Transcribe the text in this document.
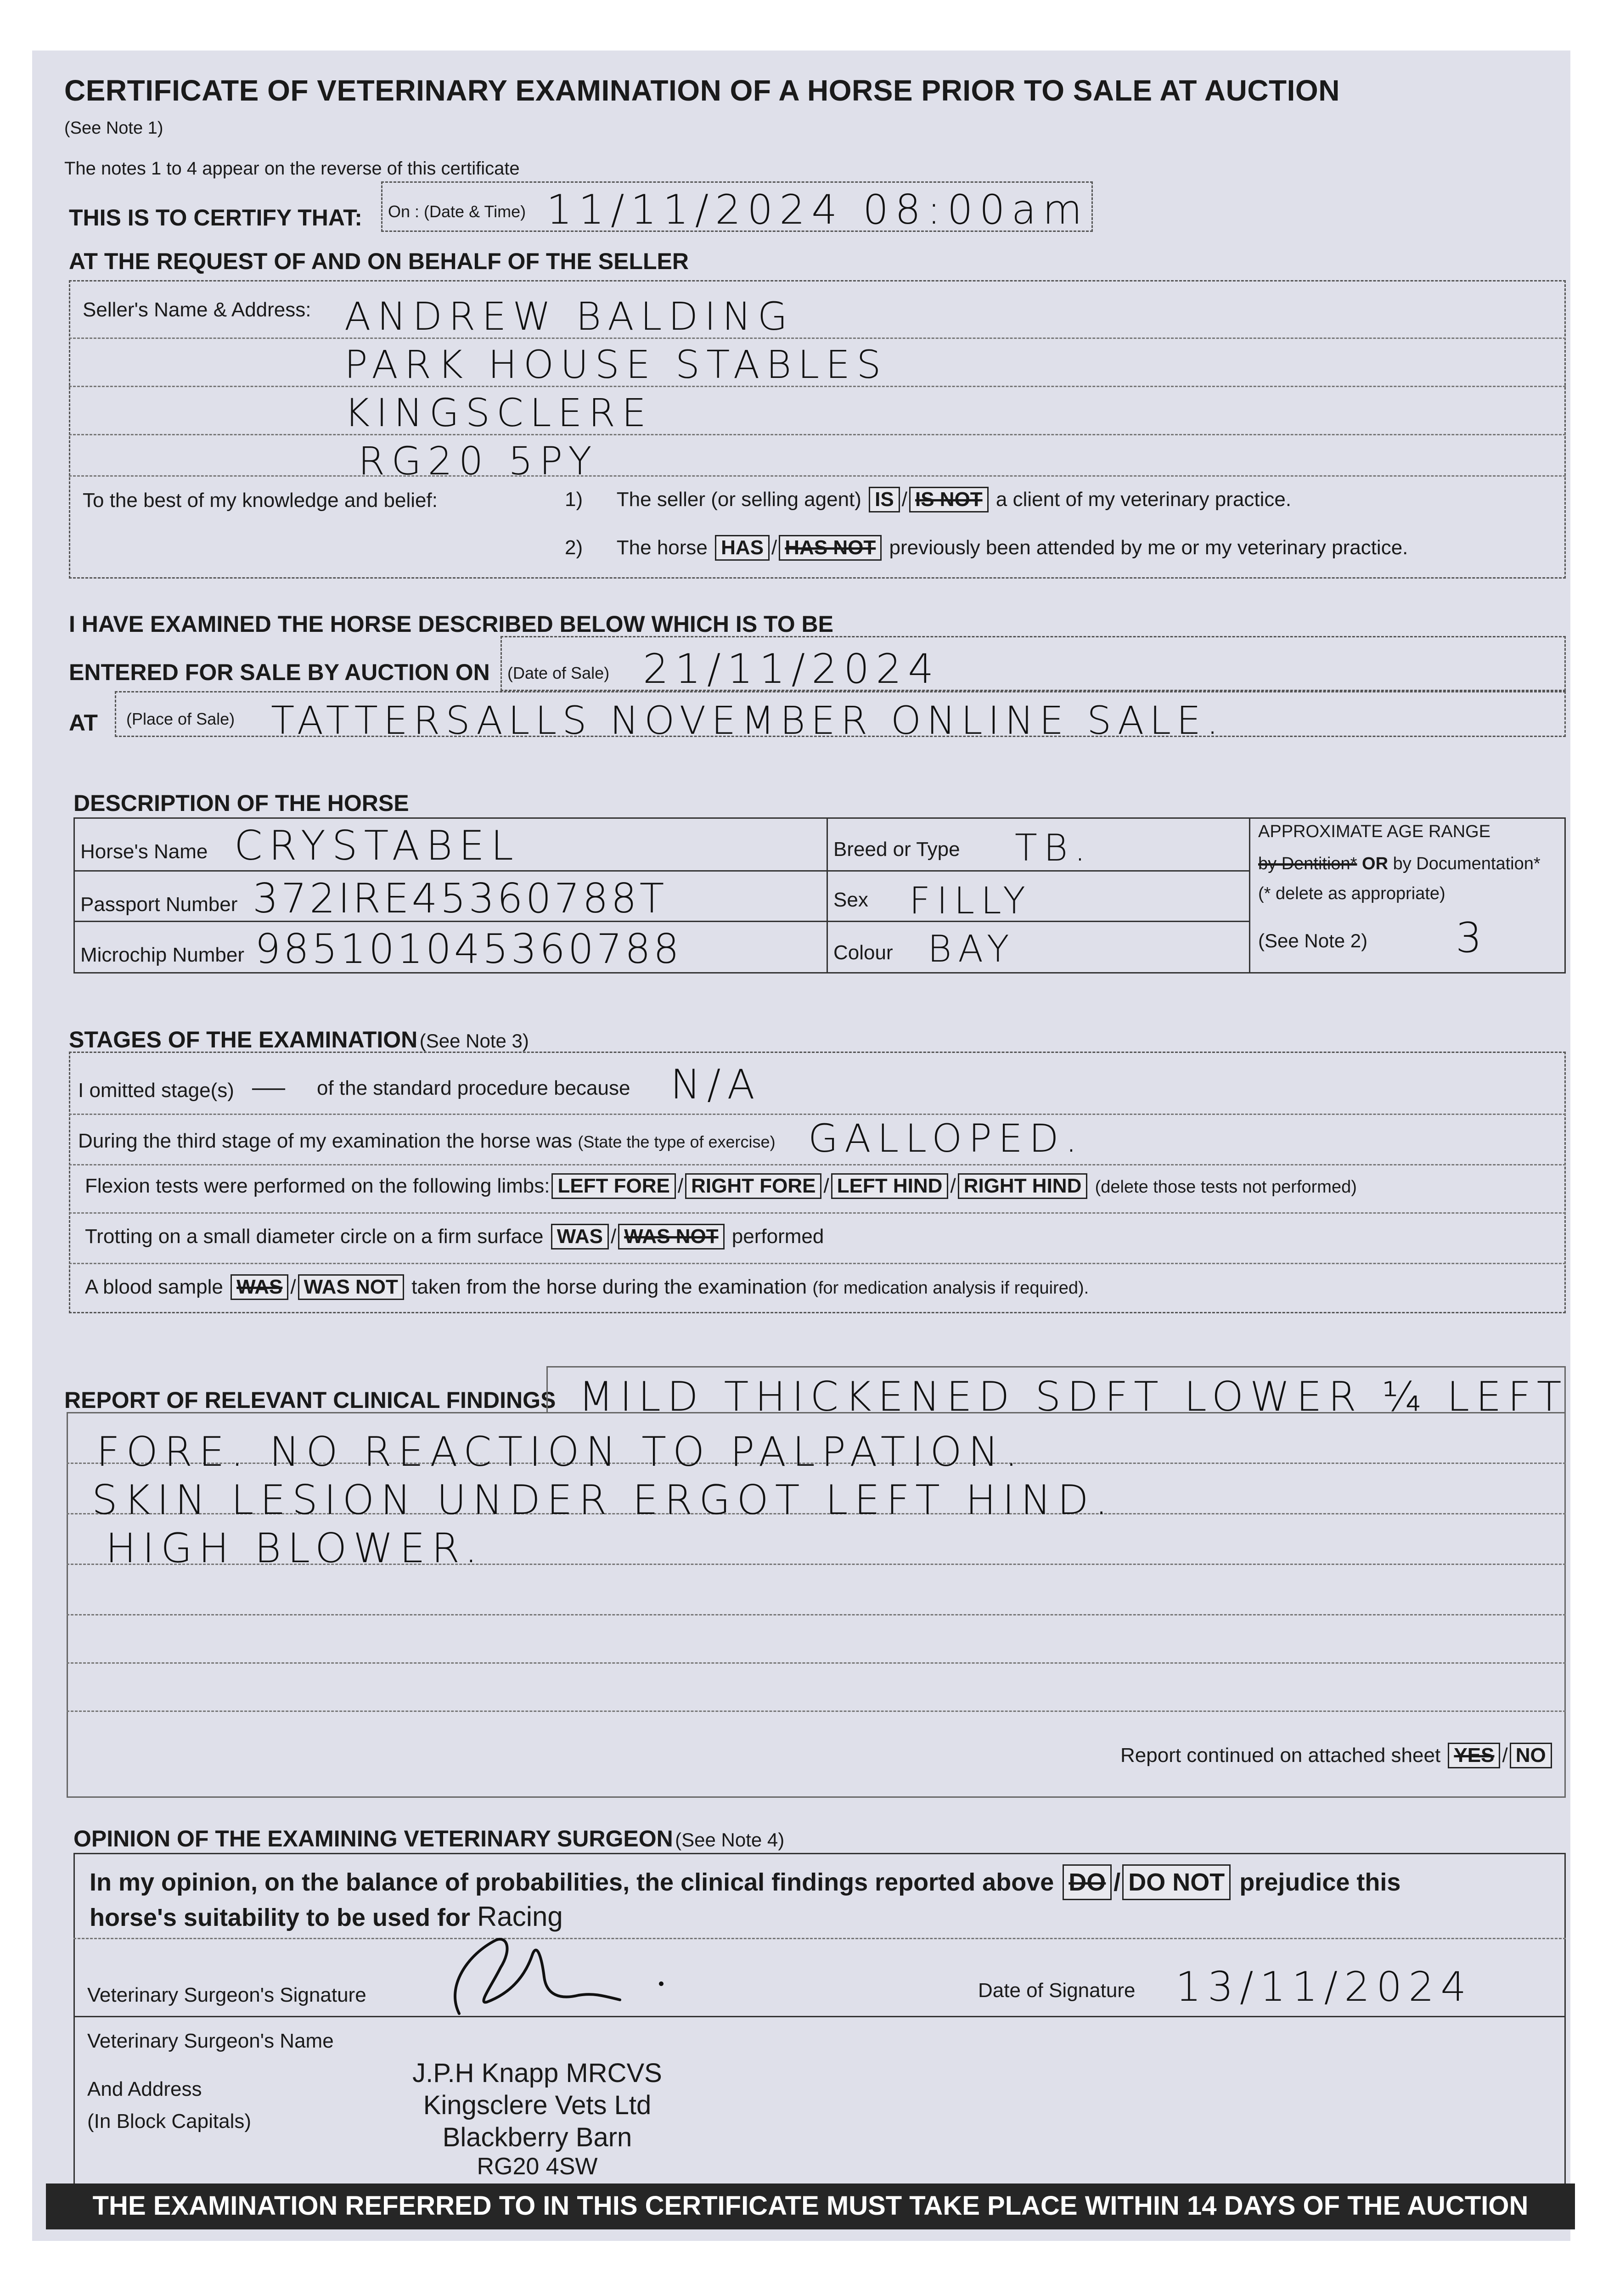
CERTIFICATE OF VETERINARY EXAMINATION OF A HORSE PRIOR TO SALE AT AUCTION
(See Note 1)
The notes 1 to 4 appear on the reverse of this certificate
THIS IS TO CERTIFY THAT: On : (Date & Time) 11/11/2024 08:00am
AT THE REQUEST OF AND ON BEHALF OF THE SELLER
Seller's Name & Address: ANDREW BALDING
PARK HOUSE STABLES
KINGSCLERE
RG20 5PY
To the best of my knowledge and belief:	1) The seller (or selling agent) IS / IS NOT a client of my veterinary practice.
2) The horse HAS / HAS NOT previously been attended by me or my veterinary practice.
I HAVE EXAMINED THE HORSE DESCRIBED BELOW WHICH IS TO BE
ENTERED FOR SALE BY AUCTION ON (Date of Sale) 21/11/2024
AT (Place of Sale) TATTERSALLS NOVEMBER ONLINE SALE.
DESCRIPTION OF THE HORSE
Horse's Name CRYSTABEL
Passport Number 372IRE45360788T
Microchip Number 985101045360788
Breed or Type TB.
Sex FILLY
Colour BAY
APPROXIMATE AGE RANGE
by Dentition* OR by Documentation*
(* delete as appropriate)
(See Note 2) 3
STAGES OF THE EXAMINATION (See Note 3)
I omitted stage(s) — of the standard procedure because N/A
During the third stage of my examination the horse was (State the type of exercise) GALLOPED.
Flexion tests were performed on the following limbs: LEFT FORE / RIGHT FORE / LEFT HIND / RIGHT HIND (delete those tests not performed)
Trotting on a small diameter circle on a firm surface WAS / WAS NOT performed
A blood sample WAS / WAS NOT taken from the horse during the examination (for medication analysis if required).
REPORT OF RELEVANT CLINICAL FINDINGS MILD THICKENED SDFT LOWER ¼ LEFT
FORE. NO REACTION TO PALPATION.
SKIN LESION UNDER ERGOT LEFT HIND.
HIGH BLOWER.
Report continued on attached sheet YES / NO
OPINION OF THE EXAMINING VETERINARY SURGEON (See Note 4)
In my opinion, on the balance of probabilities, the clinical findings reported above DO / DO NOT prejudice this
horse's suitability to be used for Racing
Veterinary Surgeon's Signature	Date of Signature 13/11/2024
Veterinary Surgeon's Name
And Address
(In Block Capitals)
J.P.H Knapp MRCVS
Kingsclere Vets Ltd
Blackberry Barn
RG20 4SW
THE EXAMINATION REFERRED TO IN THIS CERTIFICATE MUST TAKE PLACE WITHIN 14 DAYS OF THE AUCTION
